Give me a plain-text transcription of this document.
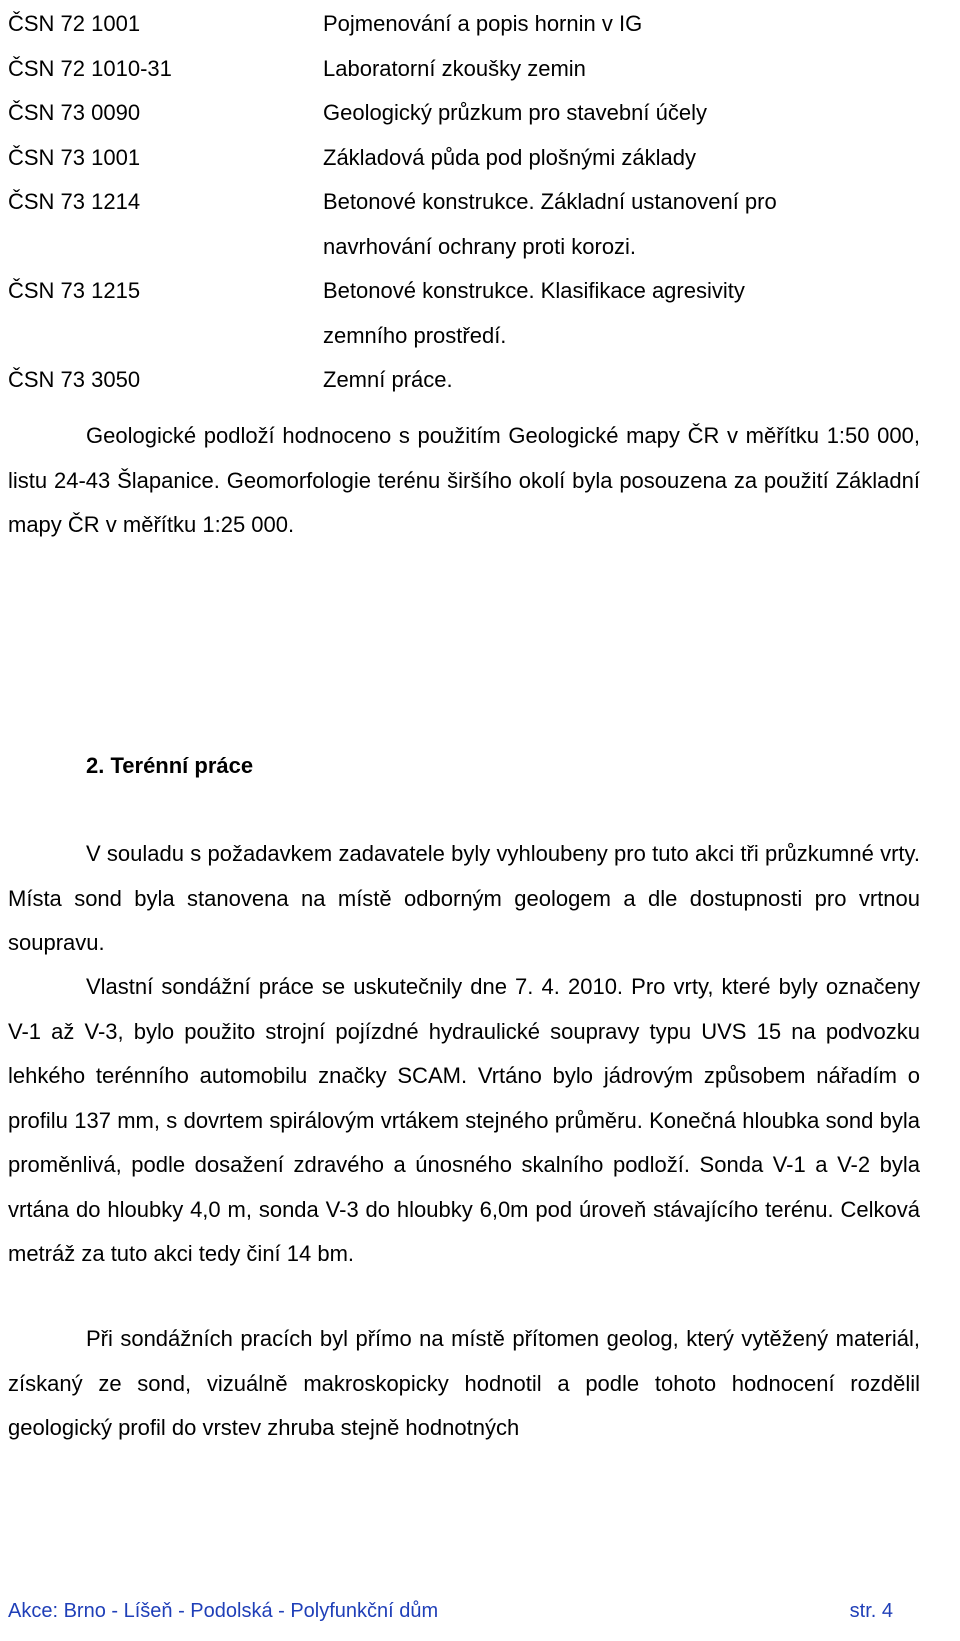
ČSN 72 1001	Pojmenování a popis hornin v IG
ČSN 72 1010-31	Laboratorní zkoušky zemin
ČSN 73 0090	Geologický průzkum pro stavební účely
ČSN 73 1001	Základová půda pod plošnými základy
ČSN 73 1214	Betonové konstrukce. Základní ustanovení pro
navrhování ochrany proti korozi.
ČSN 73 1215	Betonové konstrukce. Klasifikace agresivity
zemního prostředí.
ČSN 73 3050	Zemní práce.

Geologické podloží hodnoceno s použitím Geologické mapy ČR v měřítku 1:50 000, listu 24-43 Šlapanice. Geomorfologie terénu širšího okolí byla posouzena za použití Základní mapy ČR v měřítku 1:25 000.

2. Terénní práce

V souladu s požadavkem zadavatele byly vyhloubeny pro tuto akci tři průzkumné vrty. Místa sond byla stanovena na místě odborným geologem a dle dostupnosti pro vrtnou soupravu.

Vlastní sondážní práce se uskutečnily dne 7. 4. 2010. Pro vrty, které byly označeny V-1 až V-3, bylo použito strojní pojízdné hydraulické soupravy typu UVS 15 na podvozku lehkého terénního automobilu značky SCAM. Vrtáno bylo jádrovým způsobem nářadím o profilu 137 mm, s dovrtem spirálovým vrtákem stejného průměru. Konečná hloubka sond byla proměnlivá, podle dosažení zdravého a únosného skalního podloží. Sonda V-1 a V-2 byla vrtána do hloubky 4,0 m, sonda V-3 do hloubky 6,0m pod úroveň stávajícího terénu. Celková metráž za tuto akci tedy činí 14 bm.

Při sondážních pracích byl přímo na místě přítomen geolog, který vytěžený materiál, získaný ze sond, vizuálně makroskopicky hodnotil a podle tohoto hodnocení rozdělil geologický profil do vrstev zhruba stejně hodnotných

Akce: Brno - Líšeň - Podolská - Polyfunkční dům	str. 4
